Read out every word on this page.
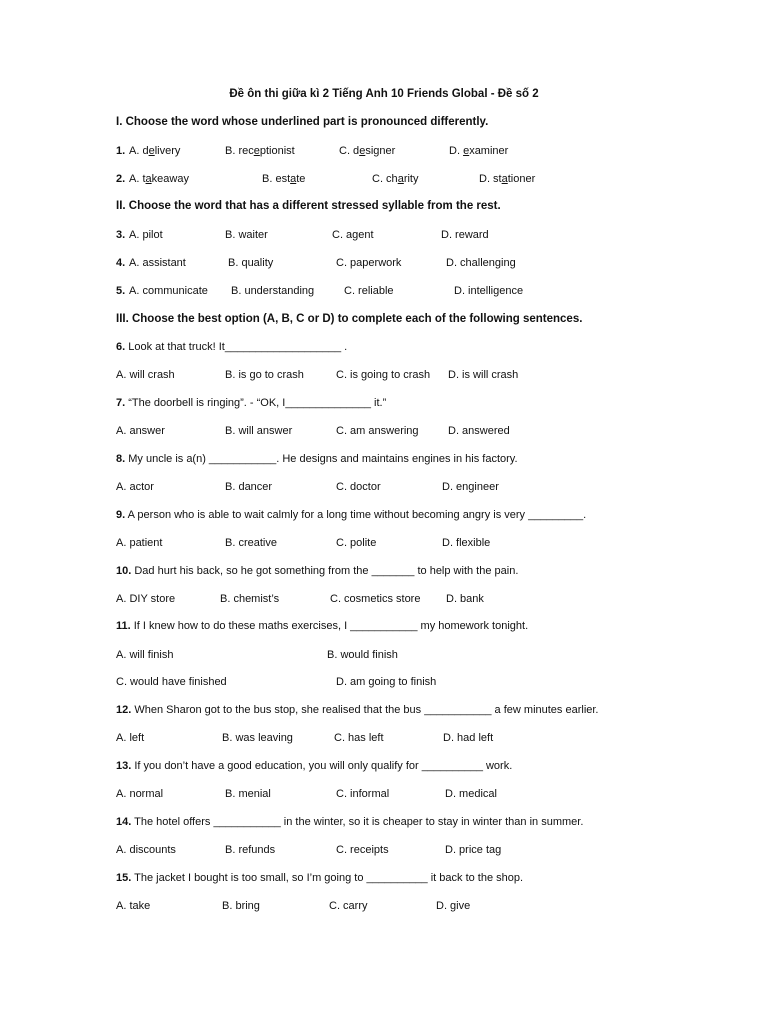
Đề ôn thi giữa kì 2 Tiếng Anh 10 Friends Global - Đề số 2
I. Choose the word whose underlined part is pronounced differently.
1. A. delivery	B. receptionist	C. designer	D. examiner
2. A. takeaway	B. estate	C. charity	D. stationer
II. Choose the word that has a different stressed syllable from the rest.
3. A. pilot	B. waiter	C. agent	D. reward
4. A. assistant	B. quality	C. paperwork	D. challenging
5. A. communicate B. understanding	C. reliable	D. intelligence
III. Choose the best option (A, B, C or D) to complete each of the following sentences.
6. Look at that truck! It___________________ .
A. will crash	B. is go to crash	C. is going to crash D. is will crash
7. “The doorbell is ringing”. - “OK, I______________ it.”
A. answer	B. will answer	C. am answering	D. answered
8. My uncle is a(n) ___________. He designs and maintains engines in his factory.
A. actor	B. dancer	C. doctor	D. engineer
9. A person who is able to wait calmly for a long time without becoming angry is very _________.
A. patient	B. creative	C. polite	D. flexible
10. Dad hurt his back, so he got something from the _______ to help with the pain.
A. DIY store	B. chemist’s	C. cosmetics store D. bank
11. If I knew how to do these maths exercises, I ___________ my homework tonight.
A. will finish	B. would finish
C. would have finished	D. am going to finish
12. When Sharon got to the bus stop, she realised that the bus ___________ a few minutes earlier.
A. left	B. was leaving	C. has left	D. had left
13. If you don’t have a good education, you will only qualify for __________ work.
A. normal	B. menial	C. informal	D. medical
14. The hotel offers ___________ in the winter, so it is cheaper to stay in winter than in summer.
A. discounts	B. refunds	C. receipts	D. price tag
15. The jacket I bought is too small, so I’m going to __________ it back to the shop.
A. take	B. bring	C. carry	D. give
